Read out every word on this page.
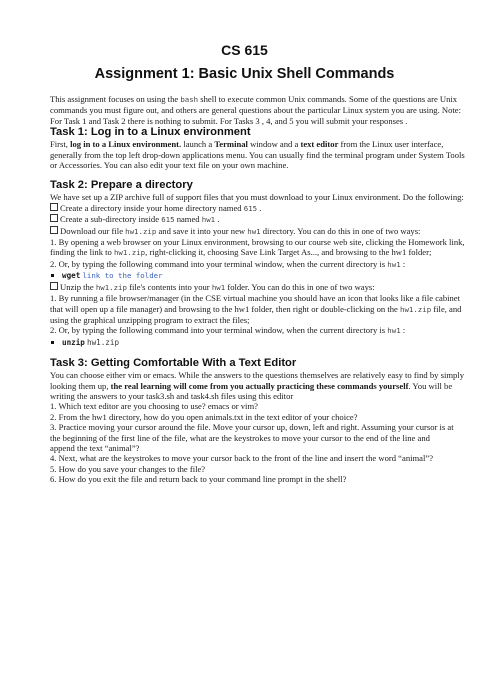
CS 615
Assignment 1: Basic Unix Shell Commands

This assignment focuses on using the bash shell to execute common Unix commands. Some of the questions are Unix commands you must figure out, and others are general questions about the particular Linux system you are using. Note:

For Task 1 and Task 2 there is nothing to submit. For Tasks 3 , 4, and 5 you will submit your responses .

Task 1: Log in to a Linux environment

First, log in to a Linux environment. launch a Terminal window and a text editor from the Linux user interface, generally from the top left drop-down applications menu. You can usually find the terminal program under System Tools or Accessories. You can also edit your text file on your own machine.

Task 2: Prepare a directory

We have set up a ZIP archive full of support files that you must download to your Linux environment. Do the following:

Create a directory inside your home directory named 615 .

Create a sub-directory inside 615 named hw1 .

Download our file hw1.zip and save it into your new hw1 directory. You can do this in one of two ways:

1. By opening a web browser on your Linux environment, browsing to our course web site, clicking the Homework link, finding the link to hw1.zip, right-clicking it, choosing Save Link Target As..., and browsing to the hw1 folder;

2. Or, by typing the following command into your terminal window, when the current directory is hw1 :

wget link to the folder

Unzip the hw1.zip file's contents into your hw1 folder. You can do this in one of two ways:

1. By running a file browser/manager (in the CSE virtual machine you should have an icon that looks like a file cabinet that will open up a file manager) and browsing to the hw1 folder, then right or double-clicking on the hw1.zip file, and using the graphical unzipping program to extract the files;

2. Or, by typing the following command into your terminal window, when the current directory is hw1 :

unzip hw1.zip

Task 3: Getting Comfortable With a Text Editor

You can choose either vim or emacs. While the answers to the questions themselves are relatively easy to find by simply looking them up, the real learning will come from you actually practicing these commands yourself. You will be writing the answers to your task3.sh and task4.sh files using this editor

1. Which text editor are you choosing to use? emacs or vim?

2. From the hw1 directory, how do you open animals.txt in the text editor of your choice?

3. Practice moving your cursor around the file. Move your cursor up, down, left and right. Assuming your cursor is at the beginning of the first line of the file, what are the keystrokes to move your cursor to the end of the line and

append the text “animal”?

4. Next, what are the keystrokes to move your cursor back to the front of the line and insert the word “animal”?

5. How do you save your changes to the file?

6. How do you exit the file and return back to your command line prompt in the shell?
